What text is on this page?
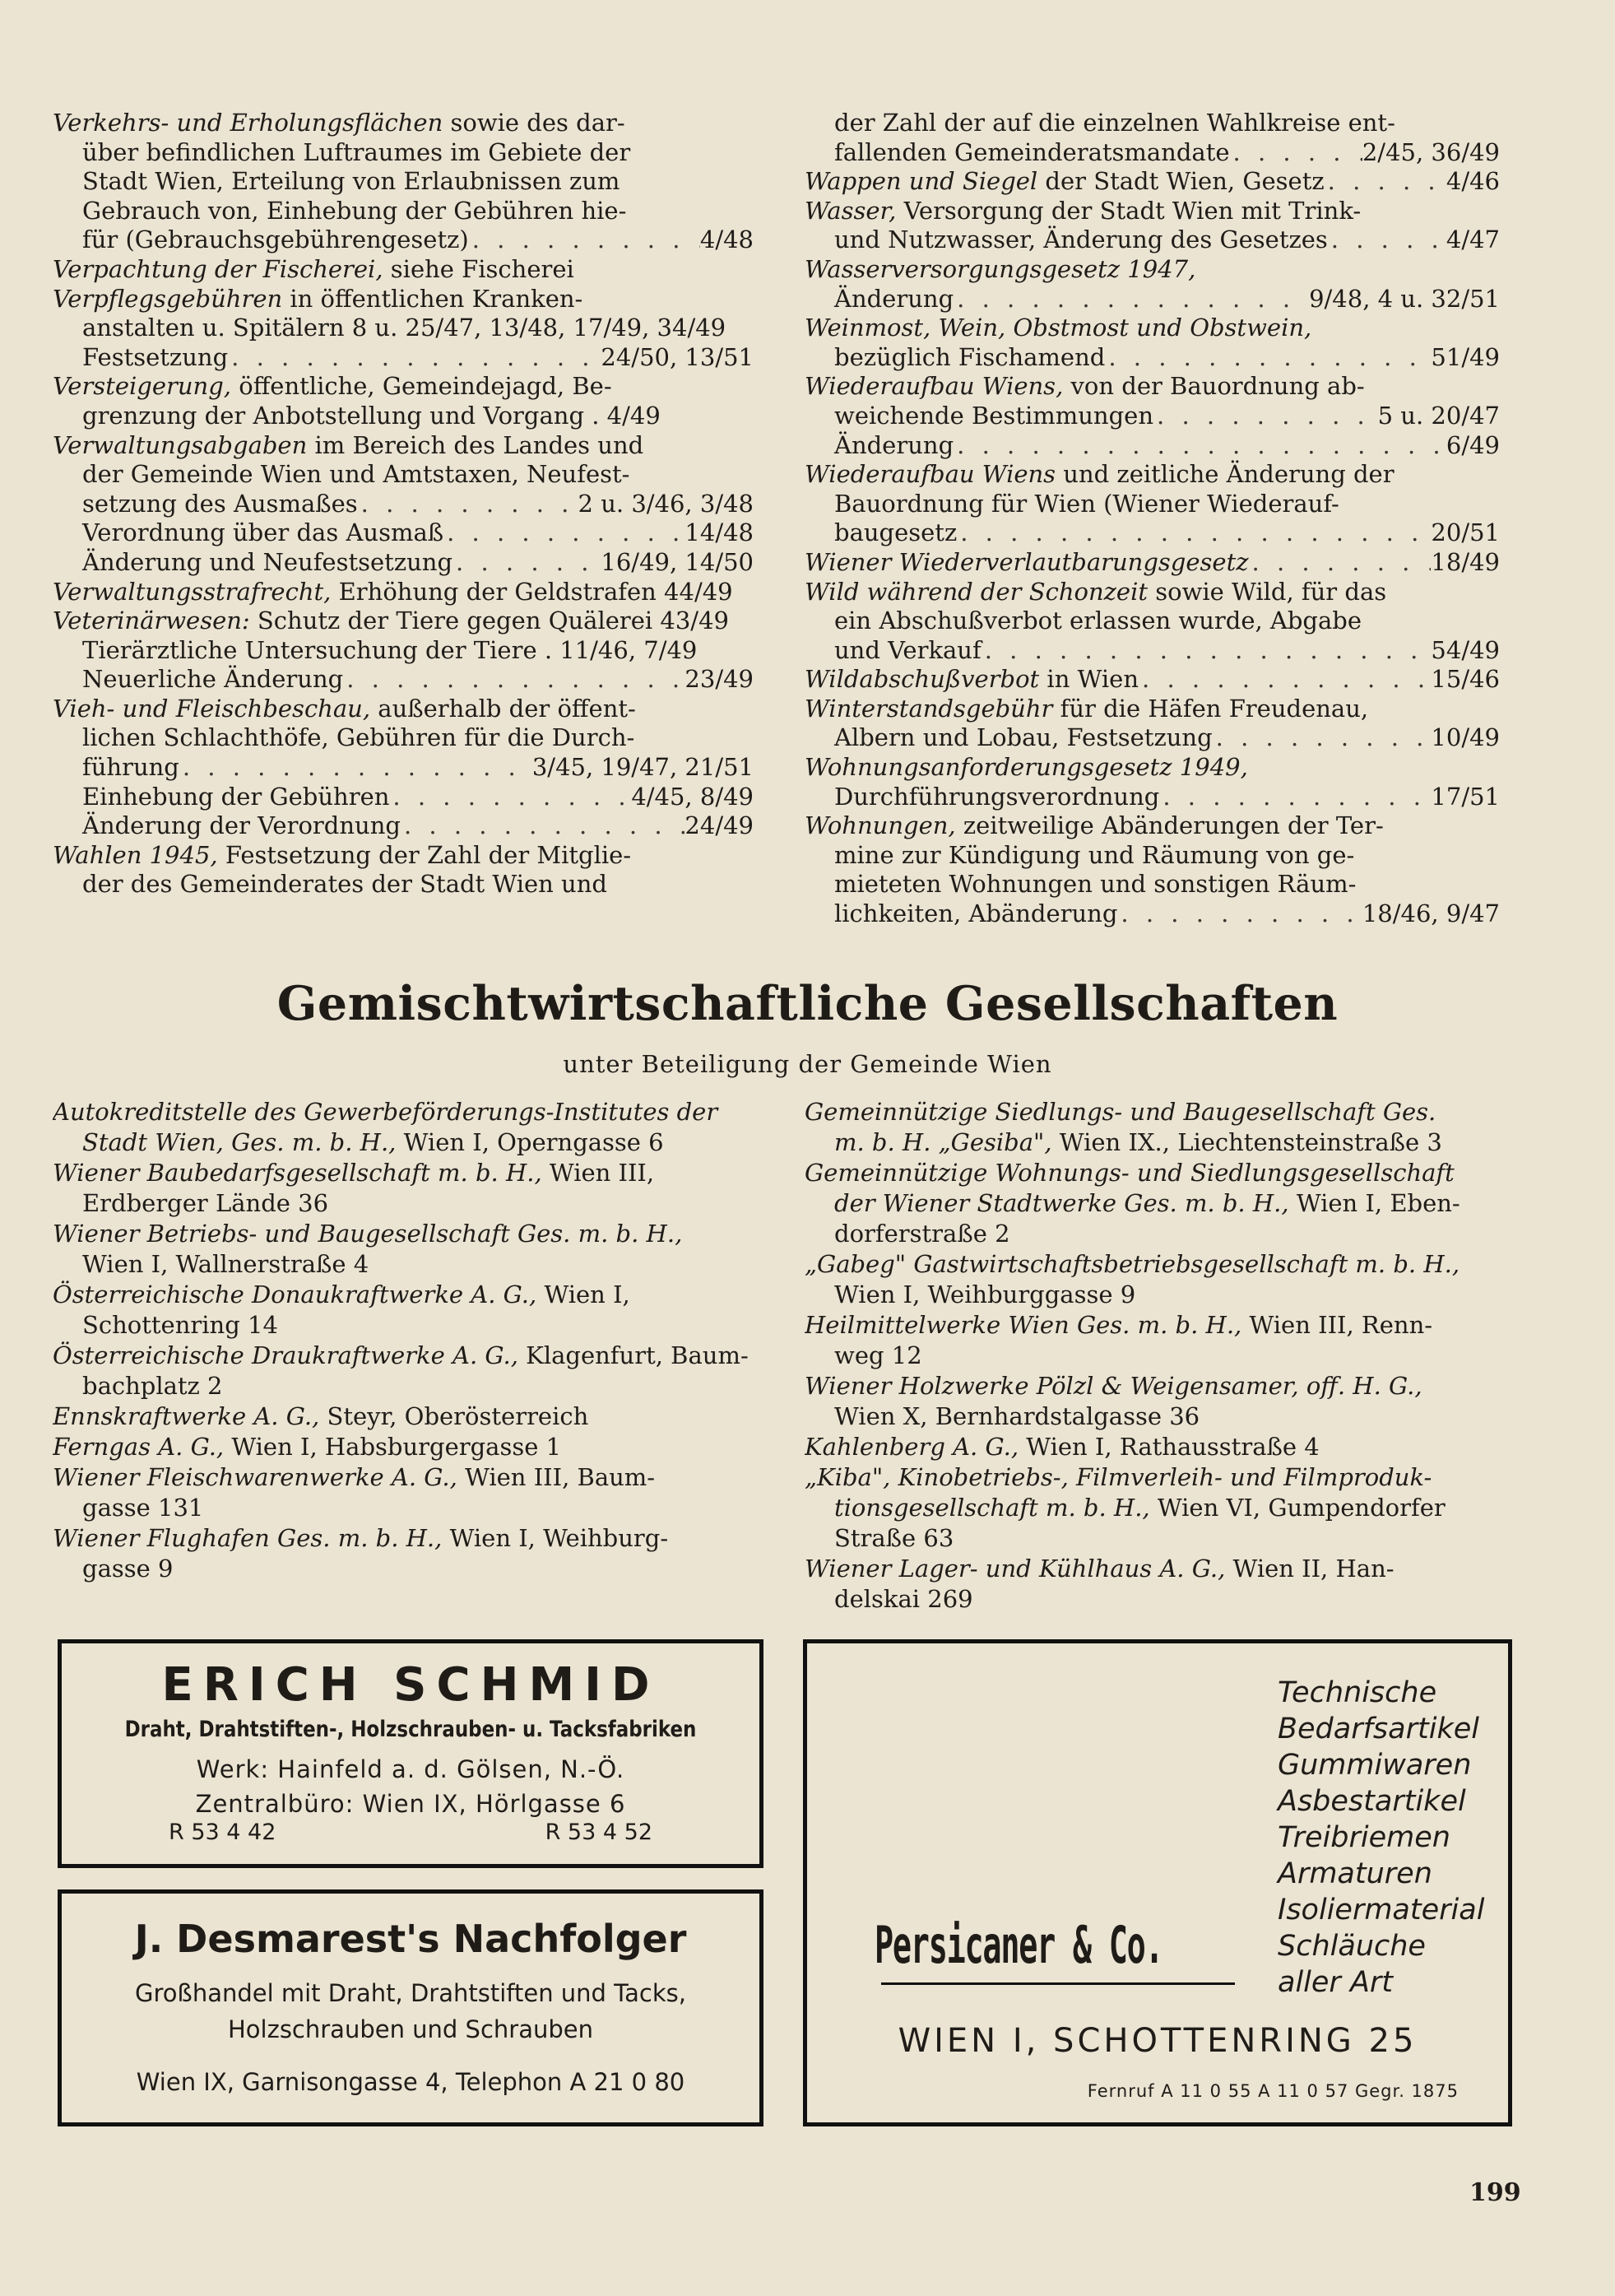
Verkehrs- und Erholungsflächen sowie des dar-
über befindlichen Luftraumes im Gebiete der
Stadt Wien, Erteilung von Erlaubnissen zum
Gebrauch von, Einhebung der Gebühren hie-
für (Gebrauchsgebührengesetz) . . .	4/48
Verpachtung der Fischerei, siehe Fischerei
Verpflegsgebühren in öffentlichen Kranken-
anstalten u. Spitälern 8 u. 25/47, 13/48, 17/49, 34/49
Festsetzung . . .	24/50, 13/51
Versteigerung, öffentliche, Gemeindejagd, Be-
grenzung der Anbotstellung und Vorgang . 4/49
Verwaltungsabgaben im Bereich des Landes und
der Gemeinde Wien und Amtstaxen, Neufest-
setzung des Ausmaßes . . .	2 u. 3/46, 3/48
Verordnung über das Ausmaß . . .	14/48
Änderung und Neufestsetzung . . .	16/49, 14/50
Verwaltungsstrafrecht, Erhöhung der Geldstrafen 44/49
Veterinärwesen: Schutz der Tiere gegen Quälerei 43/49
Tierärztliche Untersuchung der Tiere . 11/46, 7/49
Neuerliche Änderung . . .	23/49
Vieh- und Fleischbeschau, außerhalb der öffent-
lichen Schlachthöfe, Gebühren für die Durch-
führung . . .	3/45, 19/47, 21/51
Einhebung der Gebühren . . .	4/45, 8/49
Änderung der Verordnung . . .	24/49
Wahlen 1945, Festsetzung der Zahl der Mitglie-
der des Gemeinderates der Stadt Wien und
der Zahl der auf die einzelnen Wahlkreise ent-
fallenden Gemeinderatsmandate . . .	2/45, 36/49
Wappen und Siegel der Stadt Wien, Gesetz . . .	4/46
Wasser, Versorgung der Stadt Wien mit Trink-
und Nutzwasser, Änderung des Gesetzes . . .	4/47
Wasserversorgungsgesetz 1947,
Änderung . . .	9/48, 4 u. 32/51
Weinmost, Wein, Obstmost und Obstwein,
bezüglich Fischamend . . .	51/49
Wiederaufbau Wiens, von der Bauordnung ab-
weichende Bestimmungen . . .	5 u. 20/47
Änderung . . .	6/49
Wiederaufbau Wiens und zeitliche Änderung der
Bauordnung für Wien (Wiener Wiederauf-
baugesetz . . .	20/51
Wiener Wiederverlautbarungsgesetz . . .	18/49
Wild während der Schonzeit sowie Wild, für das
ein Abschußverbot erlassen wurde, Abgabe
und Verkauf . . .	54/49
Wildabschußverbot in Wien . . .	15/46
Winterstandsgebühr für die Häfen Freudenau,
Albern und Lobau, Festsetzung . . .	10/49
Wohnungsanforderungsgesetz 1949,
Durchführungsverordnung . . .	17/51
Wohnungen, zeitweilige Abänderungen der Ter-
mine zur Kündigung und Räumung von ge-
mieteten Wohnungen und sonstigen Räum-
lichkeiten, Abänderung . . .	18/46, 9/47
Gemischtwirtschaftliche Gesellschaften
unter Beteiligung der Gemeinde Wien
Autokreditstelle des Gewerbeförderungs-Institutes der
Stadt Wien, Ges. m. b. H., Wien I, Operngasse 6
Wiener Baubedarfsgesellschaft m. b. H., Wien III,
Erdberger Lände 36
Wiener Betriebs- und Baugesellschaft Ges. m. b. H.,
Wien I, Wallnerstraße 4
Österreichische Donaukraftwerke A. G., Wien I,
Schottenring 14
Österreichische Draukraftwerke A. G., Klagenfurt, Baum-
bachplatz 2
Ennskraftwerke A. G., Steyr, Oberösterreich
Ferngas A. G., Wien I, Habsburgergasse 1
Wiener Fleischwarenwerke A. G., Wien III, Baum-
gasse 131
Wiener Flughafen Ges. m. b. H., Wien I, Weihburg-
gasse 9
Gemeinnützige Siedlungs- und Baugesellschaft Ges.
m. b. H. „Gesiba", Wien IX., Liechtensteinstraße 3
Gemeinnützige Wohnungs- und Siedlungsgesellschaft
der Wiener Stadtwerke Ges. m. b. H., Wien I, Eben-
dorferstraße 2
„Gabeg" Gastwirtschaftsbetriebsgesellschaft m. b. H.,
Wien I, Weihburggasse 9
Heilmittelwerke Wien Ges. m. b. H., Wien III, Renn-
weg 12
Wiener Holzwerke Pölzl & Weigensamer, off. H. G.,
Wien X, Bernhardstalgasse 36
Kahlenberg A. G., Wien I, Rathausstraße 4
„Kiba", Kinobetriebs-, Filmverleih- und Filmproduk-
tionsgesellschaft m. b. H., Wien VI, Gumpendorfer
Straße 63
Wiener Lager- und Kühlhaus A. G., Wien II, Han-
delskai 269
ERICH SCHMID
Draht, Drahtstiften-, Holzschrauben- u. Tacksfabriken
Werk: Hainfeld a. d. Gölsen, N.-Ö.
Zentralbüro: Wien IX, Hörlgasse 6
R 53 4 42	R 53 4 52
J. Desmarest's Nachfolger
Großhandel mit Draht, Drahtstiften und Tacks,
Holzschrauben und Schrauben
Wien IX, Garnisongasse 4, Telephon A 21 0 80
Technische
Bedarfsartikel
Gummiwaren
Asbestartikel
Treibriemen
Armaturen
Isoliermaterial
Schläuche
aller Art
Persicaner & Co.
WIEN I, SCHOTTENRING 25
Fernruf A 11 0 55 A 11 0 57 Gegr. 1875
199
